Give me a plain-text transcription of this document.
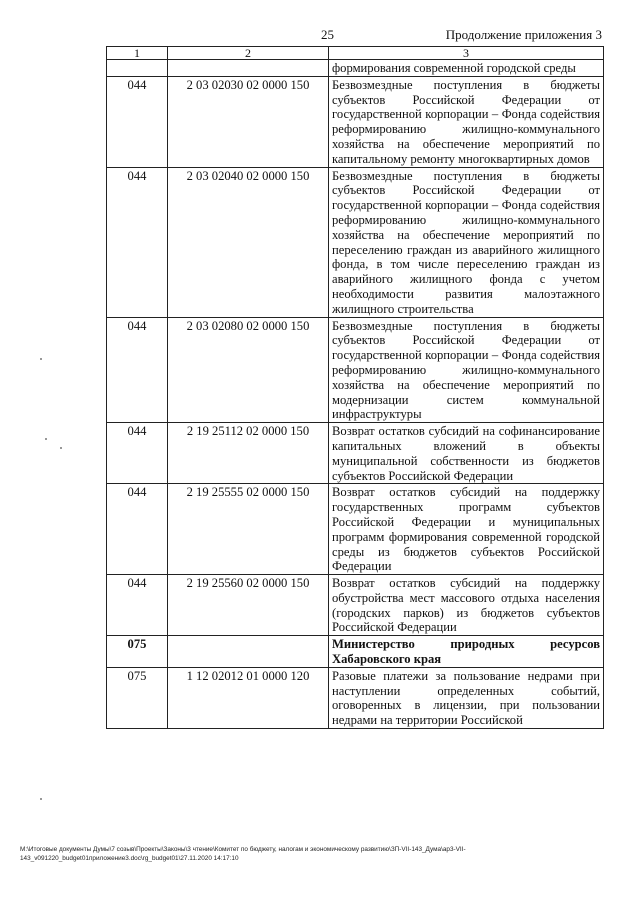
25	Продолжение приложения 3
1	2	3
		формирования современной городской среды
044	2 03 02030 02 0000 150	Безвозмездные поступления в бюджеты субъектов Российской Федерации от государственной корпорации – Фонда содействия реформированию жилищно-коммунального хозяйства на обеспечение мероприятий по капитальному ремонту многоквартирных домов
044	2 03 02040 02 0000 150	Безвозмездные поступления в бюджеты субъектов Российской Федерации от государственной корпорации – Фонда содействия реформированию жилищно-коммунального хозяйства на обеспечение мероприятий по переселению граждан из аварийного жилищного фонда, в том числе переселению граждан из аварийного жилищного фонда с учетом необходимости развития малоэтажного жилищного строительства
044	2 03 02080 02 0000 150	Безвозмездные поступления в бюджеты субъектов Российской Федерации от государственной корпорации – Фонда содействия реформированию жилищно-коммунального хозяйства на обеспечение мероприятий по модернизации систем коммунальной инфраструктуры
044	2 19 25112 02 0000 150	Возврат остатков субсидий на софинансирование капитальных вложений в объекты муниципальной собственности из бюджетов субъектов Российской Федерации
044	2 19 25555 02 0000 150	Возврат остатков субсидий на поддержку государственных программ субъектов Российской Федерации и муниципальных программ формирования современной городской среды из бюджетов субъектов Российской Федерации
044	2 19 25560 02 0000 150	Возврат остатков субсидий на поддержку обустройства мест массового отдыха населения (городских парков) из бюджетов субъектов Российской Федерации
075		Министерство природных ресурсов Хабаровского края
075	1 12 02012 01 0000 120	Разовые платежи за пользование недрами при наступлении определенных событий, оговоренных в лицензии, при пользовании недрами на территории Российской
M:\Итоговые документы Думы\7 созыв\Проекты\Законы\3 чтение\Комитет по бюджету, налогам и экономическому развитию\ЗП-VII-143_Дума\ар3-VII-143_v091220_budget01приложение3.doc\rg_budget01\27.11.2020 14:17:10
